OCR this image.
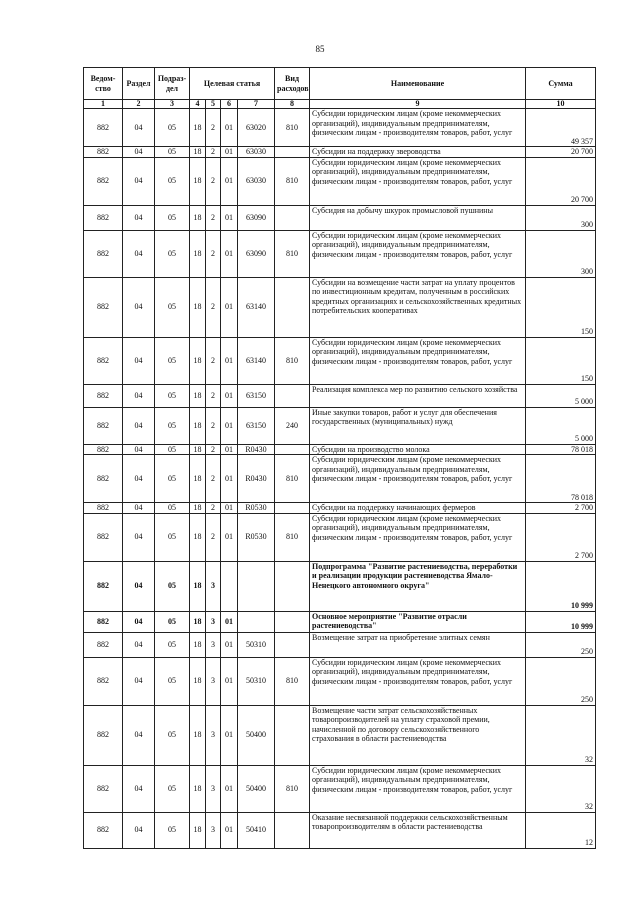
85
Ведом-ство	Раздел	Подраз-дел	Целевая статья				Вид расходов	Наименование	Сумма
1	2	3	4	5	6	7	8	9	10
882	04	05	18	2	01	63020	810	Субсидии юридическим лицам (кроме некоммерческих организаций), индивидуальным предпринимателям, физическим лицам - производителям товаров, работ, услуг	49 357
882	04	05	18	2	01	63030		Субсидии на поддержку звероводства	20 700
882	04	05	18	2	01	63030	810	Субсидии юридическим лицам (кроме некоммерческих организаций), индивидуальным предпринимателям, физическим лицам - производителям товаров, работ, услуг	20 700
882	04	05	18	2	01	63090		Субсидия на добычу шкурок промысловой пушнины	300
882	04	05	18	2	01	63090	810	Субсидии юридическим лицам (кроме некоммерческих организаций), индивидуальным предпринимателям, физическим лицам - производителям товаров, работ, услуг	300
882	04	05	18	2	01	63140		Субсидии на возмещение части затрат на уплату процентов по инвестиционным кредитам, полученным в российских кредитных организациях и сельскохозяйственных кредитных потребительских кооперативах	150
882	04	05	18	2	01	63140	810	Субсидии юридическим лицам (кроме некоммерческих организаций), индивидуальным предпринимателям, физическим лицам - производителям товаров, работ, услуг	150
882	04	05	18	2	01	63150		Реализация комплекса мер по развитию сельского хозяйства	5 000
882	04	05	18	2	01	63150	240	Иные закупки товаров, работ и услуг для обеспечения государственных (муниципальных) нужд	5 000
882	04	05	18	2	01	R0430		Субсидии на производство молока	78 018
882	04	05	18	2	01	R0430	810	Субсидии юридическим лицам (кроме некоммерческих организаций), индивидуальным предпринимателям, физическим лицам - производителям товаров, работ, услуг	78 018
882	04	05	18	2	01	R0530		Субсидии на поддержку начинающих фермеров	2 700
882	04	05	18	2	01	R0530	810	Субсидии юридическим лицам (кроме некоммерческих организаций), индивидуальным предпринимателям, физическим лицам - производителям товаров, работ, услуг	2 700
882	04	05	18	3				Подпрограмма "Развитие растениеводства, переработки и реализации продукции растениеводства Ямало-Ненецкого автономного округа"	10 999
882	04	05	18	3	01			Основное мероприятие "Развитие отрасли растениеводства"	10 999
882	04	05	18	3	01	50310		Возмещение затрат на приобретение элитных семян	250
882	04	05	18	3	01	50310	810	Субсидии юридическим лицам (кроме некоммерческих организаций), индивидуальным предпринимателям, физическим лицам - производителям товаров, работ, услуг	250
882	04	05	18	3	01	50400		Возмещение части затрат сельскохозяйственных товаропроизводителей на уплату страховой премии, начисленной по договору сельскохозяйственного страхования в области растениеводства	32
882	04	05	18	3	01	50400	810	Субсидии юридическим лицам (кроме некоммерческих организаций), индивидуальным предпринимателям, физическим лицам - производителям товаров, работ, услуг	32
882	04	05	18	3	01	50410		Оказание несвязанной поддержки сельскохозяйственным товаропроизводителям в области растениеводства	12
